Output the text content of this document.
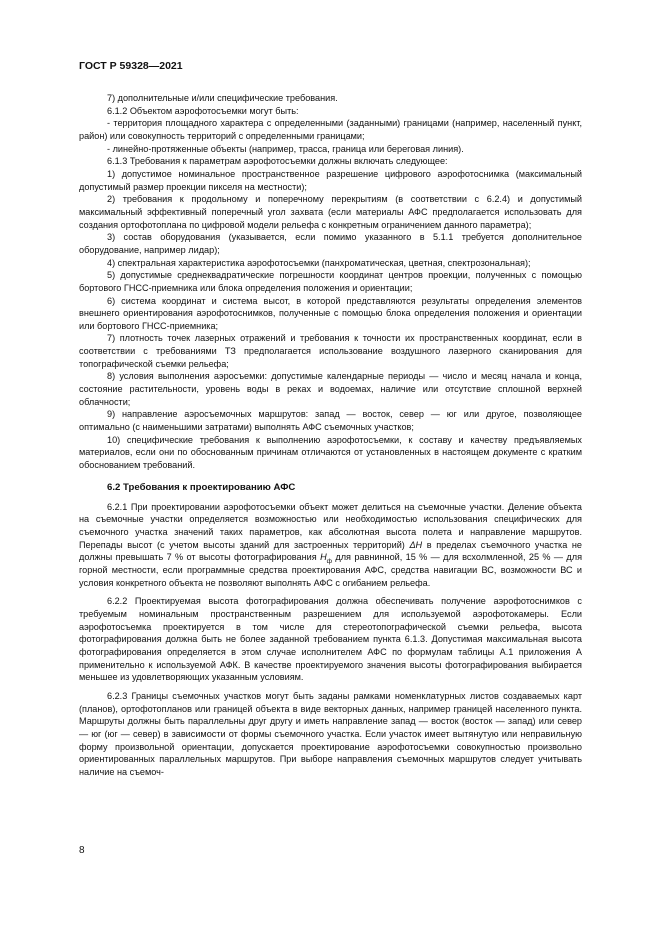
ГОСТ Р 59328—2021

7) дополнительные и/или специфические требования.

6.1.2 Объектом аэрофотосъемки могут быть:

- территория площадного характера с определенными (заданными) границами (например, населенный пункт, район) или совокупность территорий с определенными границами;

- линейно-протяженные объекты (например, трасса, граница или береговая линия).

6.1.3 Требования к параметрам аэрофотосъемки должны включать следующее:

1) допустимое номинальное пространственное разрешение цифрового аэрофотоснимка (максимальный допустимый размер проекции пикселя на местности);

2) требования к продольному и поперечному перекрытиям (в соответствии с 6.2.4) и допустимый максимальный эффективный поперечный угол захвата (если материалы АФС предполагается использовать для создания ортофотоплана по цифровой модели рельефа с конкретным ограничением данного параметра);

3) состав оборудования (указывается, если помимо указанного в 5.1.1 требуется дополнительное оборудование, например лидар);

4) спектральная характеристика аэрофотосъемки (панхроматическая, цветная, спектрозональная);

5) допустимые среднеквадратические погрешности координат центров проекции, полученных с помощью бортового ГНСС-приемника или блока определения положения и ориентации;

6) система координат и система высот, в которой представляются результаты определения элементов внешнего ориентирования аэрофотоснимков, полученные с помощью блока определения положения и ориентации или бортового ГНСС-приемника;

7) плотность точек лазерных отражений и требования к точности их пространственных координат, если в соответствии с требованиями ТЗ предполагается использование воздушного лазерного сканирования для топографической съемки рельефа;

8) условия выполнения аэросъемки: допустимые календарные периоды — число и месяц начала и конца, состояние растительности, уровень воды в реках и водоемах, наличие или отсутствие сплошной верхней облачности;

9) направление аэросъемочных маршрутов: запад — восток, север — юг или другое, позволяющее оптимально (с наименьшими затратами) выполнять АФС съемочных участков;

10) специфические требования к выполнению аэрофотосъемки, к составу и качеству предъявляемых материалов, если они по обоснованным причинам отличаются от установленных в настоящем документе с кратким обоснованием требований.

6.2 Требования к проектированию АФС

6.2.1 При проектировании аэрофотосъемки объект может делиться на съемочные участки. Деление объекта на съемочные участки определяется возможностью или необходимостью использования специфических для съемочного участка значений таких параметров, как абсолютная высота полета и направление маршрутов. Перепады высот (с учетом высоты зданий для застроенных территорий) ΔH в пределах съемочного участка не должны превышать 7 % от высоты фотографирования $H_ф$ для равнинной, 15 % — для всхолмленной, 25 % — для горной местности, если программные средства проектирования АФС, средства навигации ВС, возможности ВС и условия конкретного объекта не позволяют выполнять АФС с огибанием рельефа.

6.2.2 Проектируемая высота фотографирования должна обеспечивать получение аэрофотоснимков с требуемым номинальным пространственным разрешением для используемой аэрофотокамеры. Если аэрофотосъемка проектируется в том числе для стереотопографической съемки рельефа, высота фотографирования должна быть не более заданной требованием пункта 6.1.3. Допустимая максимальная высота фотографирования определяется в этом случае исполнителем АФС по формулам таблицы А.1 приложения А применительно к используемой АФК. В качестве проектируемого значения высоты фотографирования выбирается меньшее из удовлетворяющих указанным условиям.

6.2.3 Границы съемочных участков могут быть заданы рамками номенклатурных листов создаваемых карт (планов), ортофотопланов или границей объекта в виде векторных данных, например границей населенного пункта. Маршруты должны быть параллельны друг другу и иметь направление запад — восток (восток — запад) или север — юг (юг — север) в зависимости от формы съемочного участка. Если участок имеет вытянутую или неправильную форму произвольной ориентации, допускается проектирование аэрофотосъемки совокупностью произвольно ориентированных параллельных маршрутов. При выборе направления съемочных маршрутов следует учитывать наличие на съемоч-

8
